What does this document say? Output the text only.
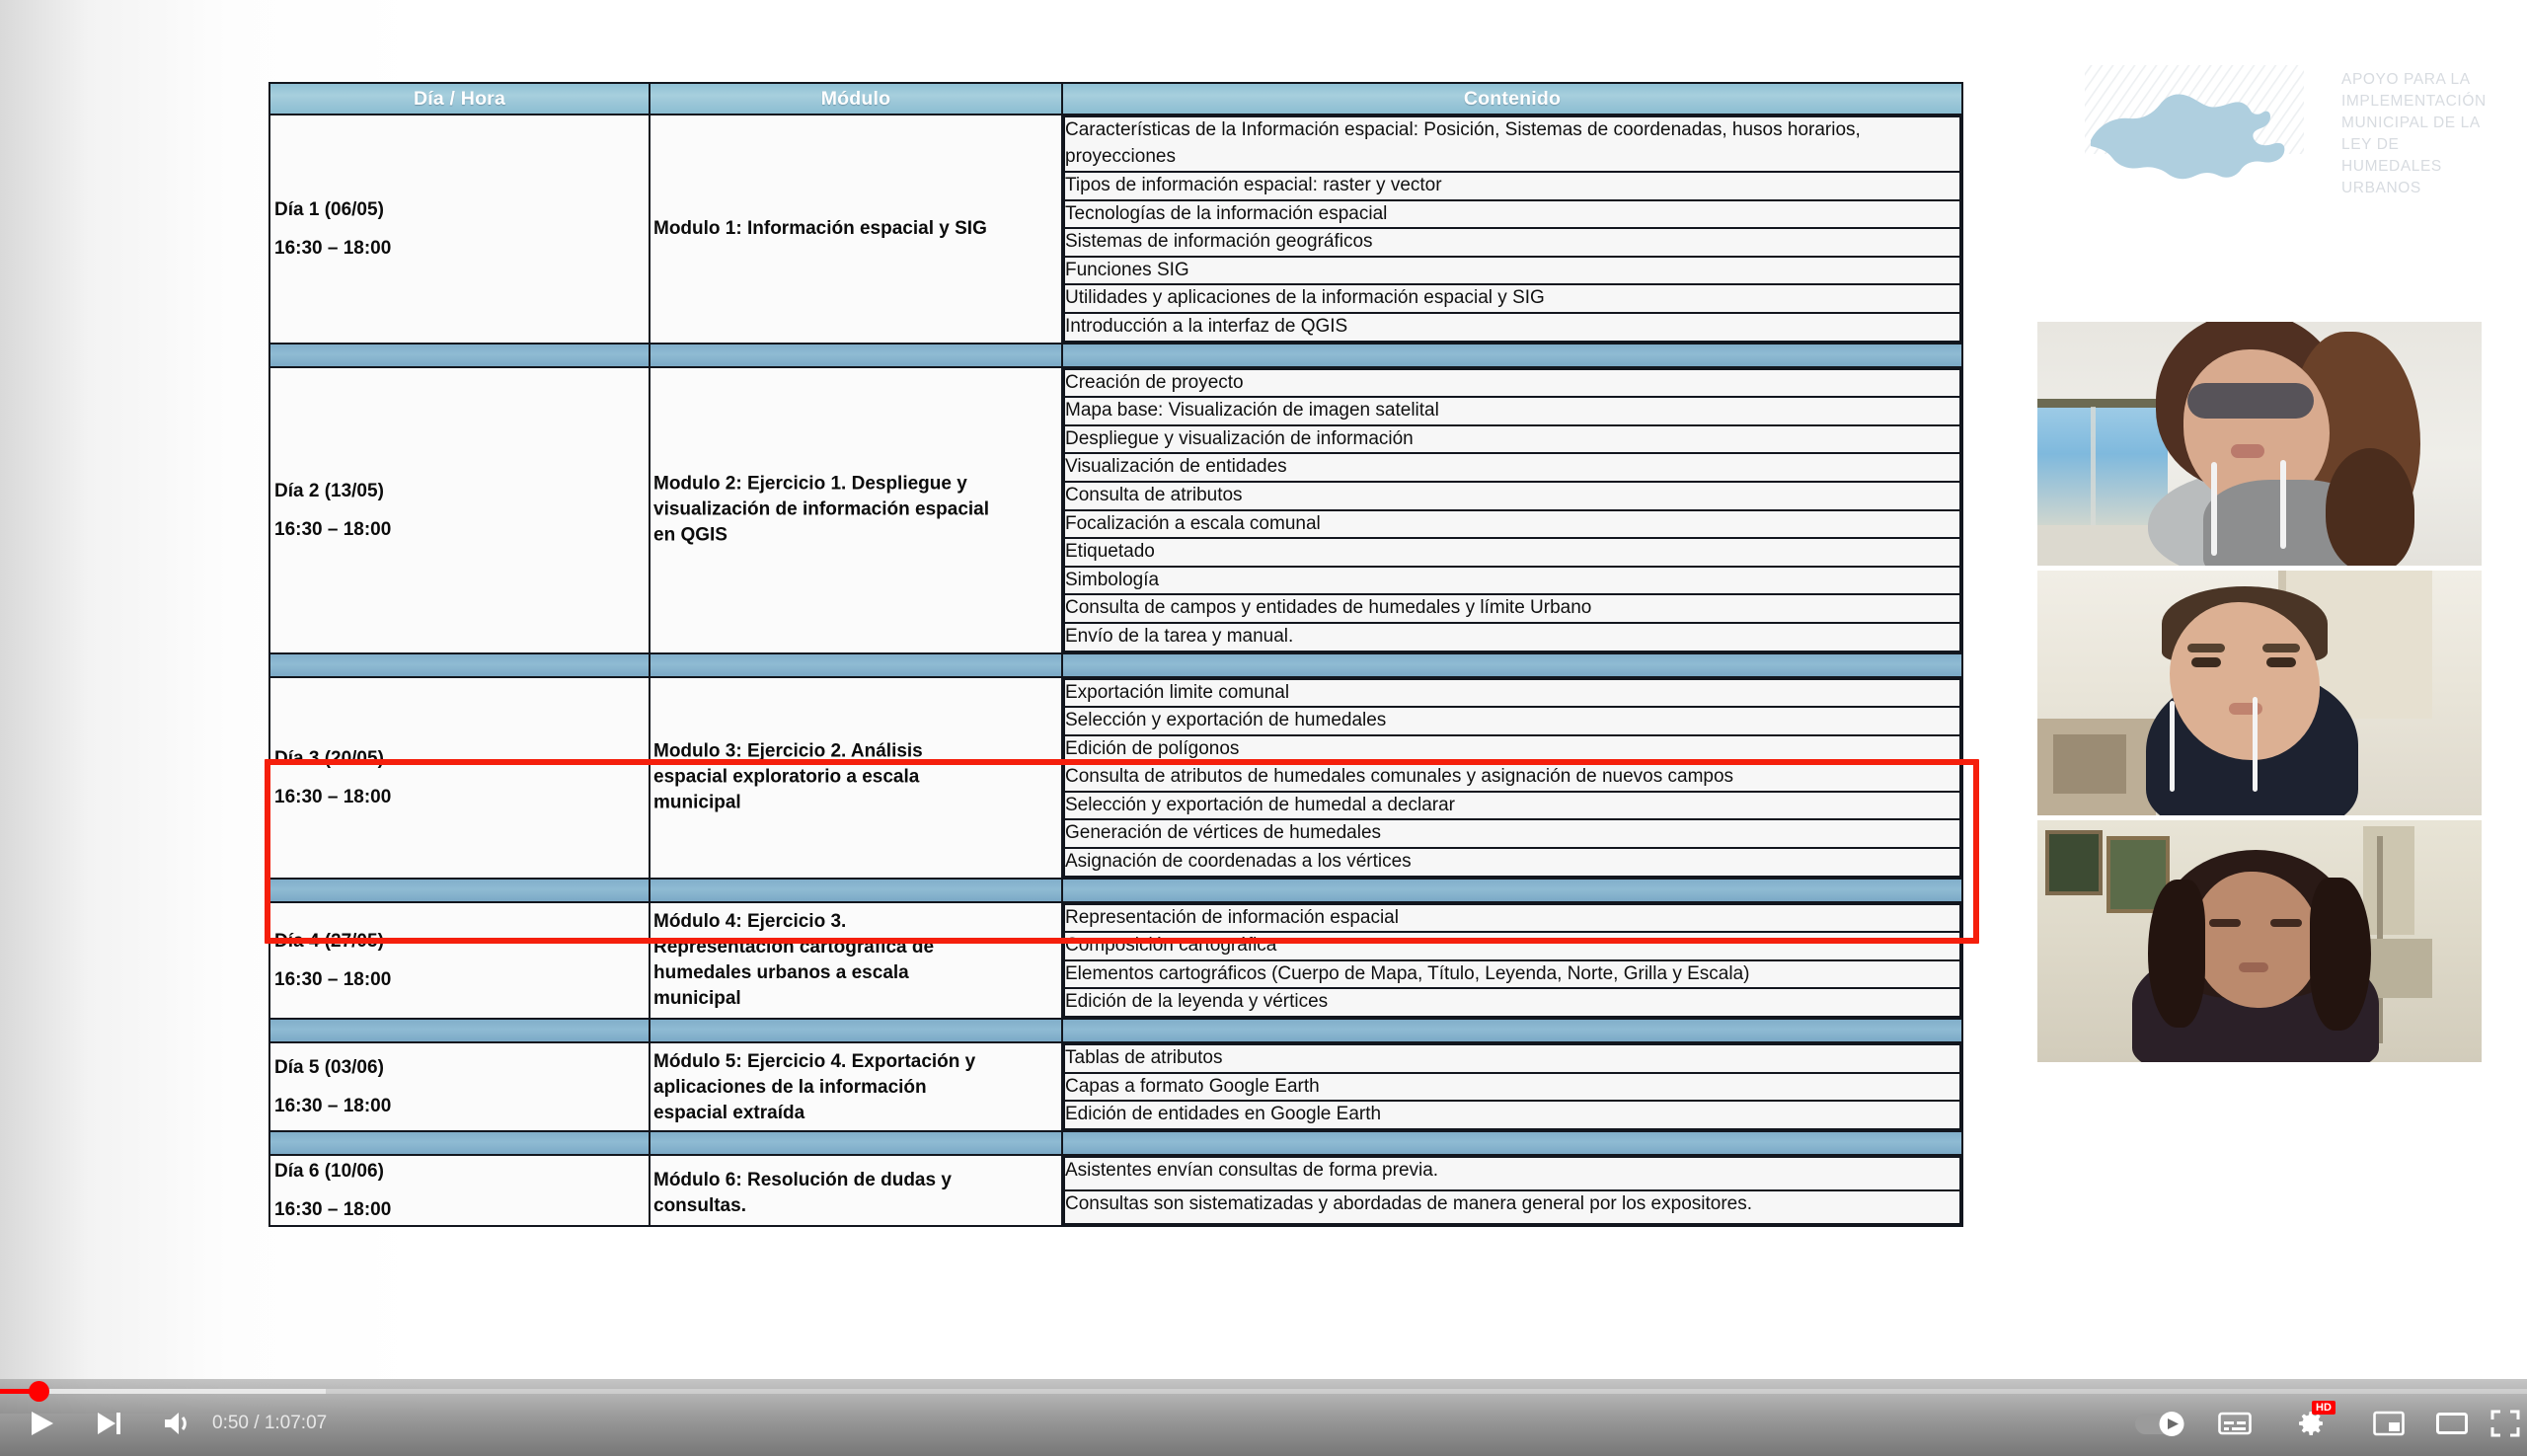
APOYO PARA LA
IMPLEMENTACIÓN
MUNICIPAL DE LA
LEY DE
HUMEDALES
URBANOS
Día / Hora	Módulo	Contenido

Día 1 (06/05)
16:30 – 18:00

Modulo 1: Información espacial y SIG

Características de la Información espacial: Posición, Sistemas de coordenadas, husos horarios, proyecciones
Tipos de información espacial: raster y vector
Tecnologías de la información espacial
Sistemas de información geográficos
Funciones SIG
Utilidades y aplicaciones de la información espacial y SIG
Introducción a la interfaz de QGIS

Día 2 (13/05)
16:30 – 18:00

Modulo 2: Ejercicio 1. Despliegue y
visualización de información espacial
en QGIS

Creación de proyecto
Mapa base: Visualización de imagen satelital
Despliegue y visualización de información
Visualización de entidades
Consulta de atributos
Focalización a escala comunal
Etiquetado
Simbología
Consulta de campos y entidades de humedales y límite Urbano
Envío de la tarea y manual.

Día 3 (20/05)
16:30 – 18:00

Modulo 3: Ejercicio 2. Análisis
espacial exploratorio a escala
municipal

Exportación limite comunal
Selección y exportación de humedales
Edición de polígonos
Consulta de atributos de humedales comunales y asignación de nuevos campos
Selección y exportación de humedal a declarar
Generación de vértices de humedales
Asignación de coordenadas a los vértices

Día 4 (27/05)
16:30 – 18:00

Módulo 4: Ejercicio 3.
Representación cartográfica de
humedales urbanos a escala
municipal

Representación de información espacial
Composición cartográfica
Elementos cartográficos (Cuerpo de Mapa, Título, Leyenda, Norte, Grilla y Escala)
Edición de la leyenda y vértices

Día 5 (03/06)
16:30 – 18:00

Módulo 5: Ejercicio 4. Exportación y
aplicaciones de la información
espacial extraída

Tablas de atributos
Capas a formato Google Earth
Edición de entidades en Google Earth

Día 6 (10/06)
16:30 – 18:00

Módulo 6: Resolución de dudas y
consultas.

Asistentes envían consultas de forma previa.
Consultas son sistematizadas y abordadas de manera general por los expositores.
0:50 / 1:07:07
HD
